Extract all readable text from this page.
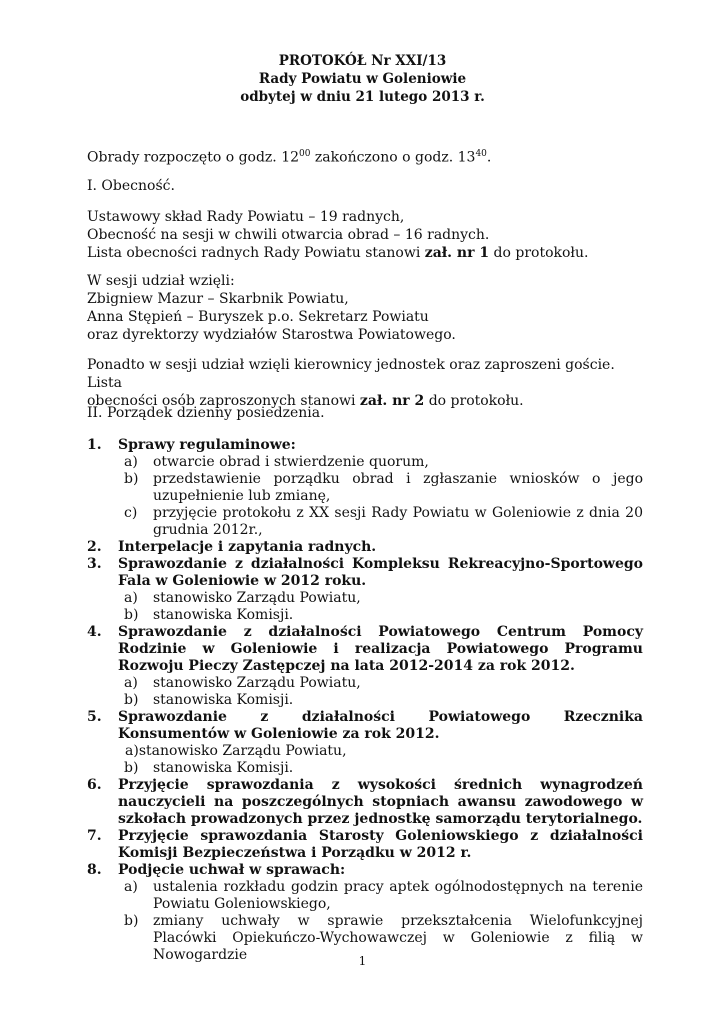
PROTOKÓŁ Nr XXI/13
Rady Powiatu w Goleniowie
odbytej w dniu 21 lutego 2013 r.

Obrady rozpoczęto o godz. $12^{00}$ zakończono o godz. $13^{40}$.

I. Obecność.

Ustawowy skład Rady Powiatu – 19 radnych,
Obecność na sesji w chwili otwarcia obrad – 16 radnych.
Lista obecności radnych Rady Powiatu stanowi zał. nr 1 do protokołu.
W sesji udział wzięli:
Zbigniew Mazur – Skarbnik Powiatu,
Anna Stępień – Buryszek p.o. Sekretarz Powiatu
oraz dyrektorzy wydziałów Starostwa Powiatowego.
Ponadto w sesji udział wzięli kierownicy jednostek oraz zaproszeni goście. Lista
obecności osób zaproszonych stanowi zał. nr 2 do protokołu.

II. Porządek dzienny posiedzenia.

1. Sprawy regulaminowe:
a) otwarcie obrad i stwierdzenie quorum,
b) przedstawienie porządku obrad i zgłaszanie wniosków o jego uzupełnienie lub zmianę,
c) przyjęcie protokołu z XX sesji Rady Powiatu w Goleniowie z dnia 20 grudnia 2012r.,
2. Interpelacje i zapytania radnych.
3. Sprawozdanie z działalności Kompleksu Rekreacyjno-Sportowego Fala w Goleniowie w 2012 roku.
a) stanowisko Zarządu Powiatu,
b) stanowiska Komisji.
4. Sprawozdanie z działalności Powiatowego Centrum Pomocy Rodzinie w Goleniowie i realizacja Powiatowego Programu Rozwoju Pieczy Zastępczej na lata 2012-2014 za rok 2012.
a) stanowisko Zarządu Powiatu,
b) stanowiska Komisji.
5. Sprawozdanie z działalności Powiatowego Rzecznika Konsumentów w Goleniowie za rok 2012.
a)stanowisko Zarządu Powiatu,
b) stanowiska Komisji.
6. Przyjęcie sprawozdania z wysokości średnich wynagrodzeń nauczycieli na poszczególnych stopniach awansu zawodowego w szkołach prowadzonych przez jednostkę samorządu terytorialnego.
7. Przyjęcie sprawozdania Starosty Goleniowskiego z działalności Komisji Bezpieczeństwa i Porządku w 2012 r.
8. Podjęcie uchwał w sprawach:
a) ustalenia rozkładu godzin pracy aptek ogólnodostępnych na terenie Powiatu Goleniowskiego,
b) zmiany uchwały w sprawie przekształcenia Wielofunkcyjnej Placówki Opiekuńczo-Wychowawczej w Goleniowie z filią w Nowogardzie	1
